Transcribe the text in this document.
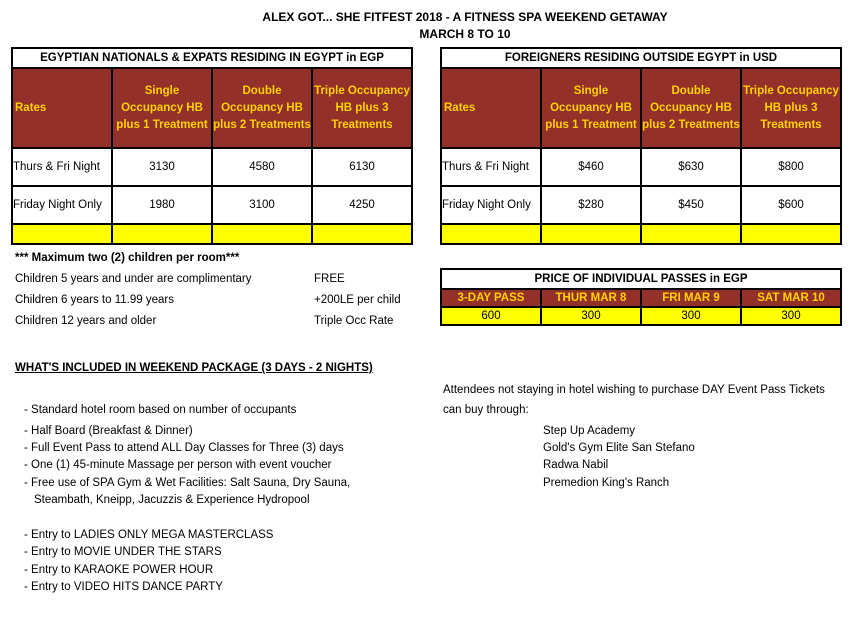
ALEX GOT... SHE FITFEST 2018 - A FITNESS SPA WEEKEND GETAWAY
MARCH 8 TO 10
EGYPTIAN NATIONALS & EXPATS RESIDING IN EGYPT in EGP			
Rates	Single Occupancy HB plus 1 Treatment	Double Occupancy HB plus 2 Treatments	Triple Occupancy HB plus 3 Treatments
Thurs & Fri Night	3130	4580	6130
Friday Night Only	1980	3100	4250

FOREIGNERS RESIDING OUTSIDE EGYPT in USD			
Rates	Single Occupancy HB plus 1 Treatment	Double Occupancy HB plus 2 Treatments	Triple Occupancy HB plus 3 Treatments
Thurs & Fri Night	$460	$630	$800
Friday Night Only	$280	$450	$600

*** Maximum two (2) children per room***
Children 5 years and under are complimentary	FREE
Children 6 years to 11.99 years	+200LE per child
Children 12 years and older	Triple Occ Rate
PRICE OF INDIVIDUAL PASSES in EGP			
3-DAY PASS	THUR MAR 8	FRI MAR 9	SAT MAR 10
600	300	300	300
WHAT'S INCLUDED IN WEEKEND PACKAGE (3 DAYS - 2 NIGHTS)
- Standard hotel room based on number of occupants
- Half Board (Breakfast & Dinner)
- Full Event Pass to attend ALL Day Classes for Three (3) days
- One (1) 45-minute Massage per person with event voucher
- Free use of SPA Gym & Wet Facilities: Salt Sauna, Dry Sauna,
Steambath, Kneipp, Jacuzzis & Experience Hydropool
- Entry to LADIES ONLY MEGA MASTERCLASS
- Entry to MOVIE UNDER THE STARS
- Entry to KARAOKE POWER HOUR
- Entry to VIDEO HITS DANCE PARTY
Attendees not staying in hotel wishing to purchase DAY Event Pass Tickets
can buy through:
Step Up Academy
Gold's Gym Elite San Stefano
Radwa Nabil
Premedion King's Ranch
